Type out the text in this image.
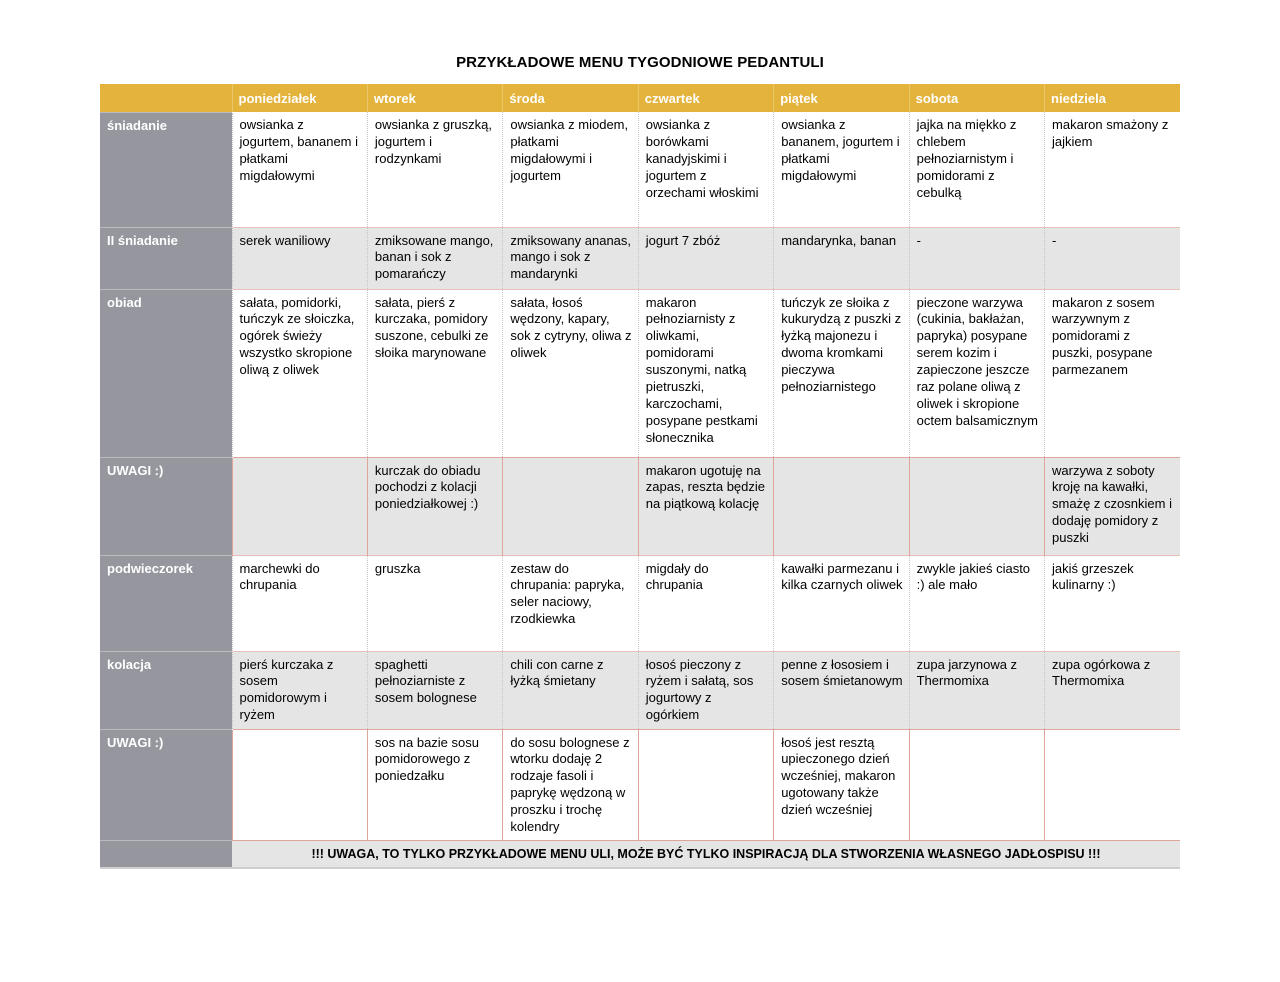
PRZYKŁADOWE MENU TYGODNIOWE PEDANTULI
	poniedziałek	wtorek	środa	czwartek	piątek	sobota	niedziela
śniadanie	owsianka z jogurtem, bananem i płatkami migdałowymi	owsianka z gruszką, jogurtem i rodzynkami	owsianka z miodem, płatkami migdałowymi i jogurtem	owsianka z borówkami kanadyjskimi i jogurtem z orzechami włoskimi	owsianka z bananem, jogurtem i płatkami migdałowymi	jajka na miękko z chlebem pełnoziarnistym i pomidorami z cebulką	makaron smażony z jajkiem
II śniadanie	serek waniliowy	zmiksowane mango, banan i sok z pomarańczy	zmiksowany ananas, mango i sok z mandarynki	jogurt 7 zbóż	mandarynka, banan	-	-
obiad	sałata, pomidorki, tuńczyk ze słoiczka, ogórek świeży wszystko skropione oliwą z oliwek	sałata, pierś z kurczaka, pomidory suszone, cebulki ze słoika marynowane	sałata, łosoś wędzony, kapary, sok z cytryny, oliwa z oliwek	makaron pełnoziarnisty z oliwkami, pomidorami suszonymi, natką pietruszki, karczochami, posypane pestkami słonecznika	tuńczyk ze słoika z kukurydzą z puszki z łyżką majonezu i dwoma kromkami pieczywa pełnoziarnistego	pieczone warzywa (cukinia, bakłażan, papryka) posypane serem kozim i zapieczone jeszcze raz polane oliwą z oliwek i skropione octem balsamicznym	makaron z sosem warzywnym z pomidorami z puszki, posypane parmezanem
UWAGI :)		kurczak do obiadu pochodzi z kolacji poniedziałkowej :)		makaron ugotuję na zapas, reszta będzie na piątkową kolację			warzywa z soboty kroję na kawałki, smażę z czosnkiem i dodaję pomidory z puszki
podwieczorek	marchewki do chrupania	gruszka	zestaw do chrupania: papryka, seler naciowy, rzodkiewka	migdały do chrupania	kawałki parmezanu i kilka czarnych oliwek	zwykle jakieś ciasto :) ale mało	jakiś grzeszek kulinarny :)
kolacja	pierś kurczaka z sosem pomidorowym i ryżem	spaghetti pełnoziarniste z sosem bolognese	chili con carne z łyżką śmietany	łosoś pieczony z ryżem i sałatą, sos jogurtowy z ogórkiem	penne z łososiem i sosem śmietanowym	zupa jarzynowa z Thermomixa	zupa ogórkowa z Thermomixa
UWAGI :)		sos na bazie sosu pomidorowego z poniedzałku	do sosu bolognese z wtorku dodaję 2 rodzaje fasoli i paprykę wędzoną w proszku i trochę kolendry		łosoś jest resztą upieczonego dzień wcześniej, makaron ugotowany także dzień wcześniej		
	!!! UWAGA, TO TYLKO PRZYKŁADOWE MENU ULI, MOŻE BYĆ TYLKO INSPIRACJĄ DLA STWORZENIA WŁASNEGO JADŁOSPISU !!!						
